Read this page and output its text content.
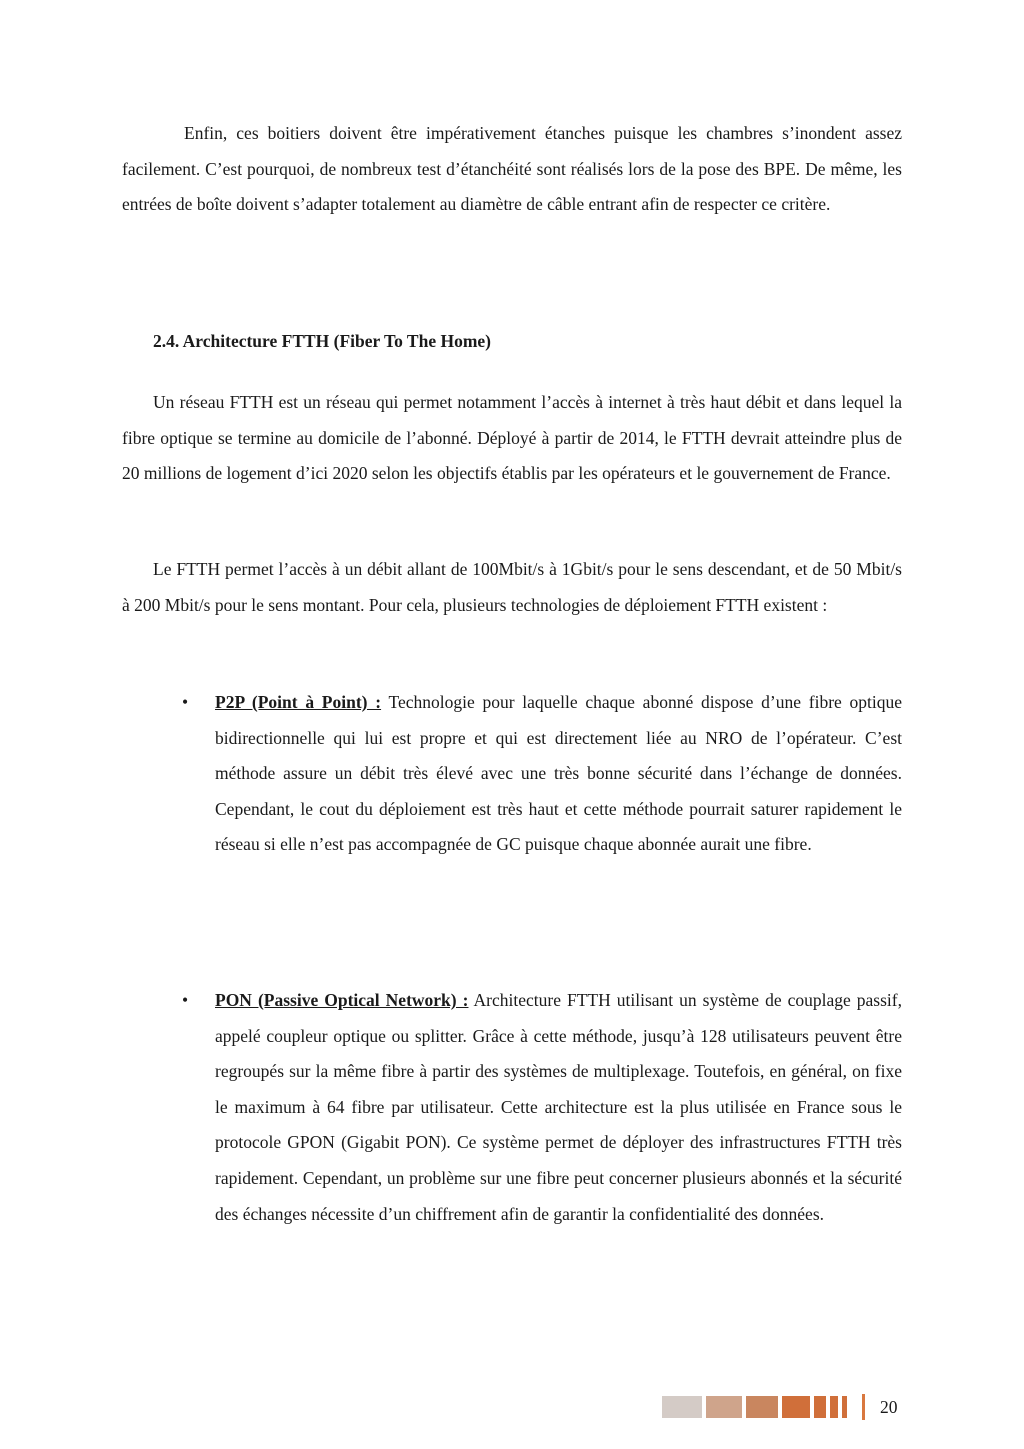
Enfin, ces boitiers doivent être impérativement étanches puisque les chambres s’inondent assez facilement. C’est pourquoi, de nombreux test d’étanchéité sont réalisés lors de la pose des BPE. De même, les entrées de boîte doivent s’adapter totalement au diamètre de câble entrant afin de respecter ce critère.

2.4. Architecture FTTH (Fiber To The Home)

Un réseau FTTH est un réseau qui permet notamment l’accès à internet à très haut débit et dans lequel la fibre optique se termine au domicile de l’abonné. Déployé à partir de 2014, le FTTH devrait atteindre plus de 20 millions de logement d’ici 2020 selon les objectifs établis par les opérateurs et le gouvernement de France.

Le FTTH permet l’accès à un débit allant de 100Mbit/s à 1Gbit/s pour le sens descendant, et de 50 Mbit/s à 200 Mbit/s pour le sens montant. Pour cela, plusieurs technologies de déploiement FTTH existent :

• P2P (Point à Point) : Technologie pour laquelle chaque abonné dispose d’une fibre optique bidirectionnelle qui lui est propre et qui est directement liée au NRO de l’opérateur. C’est méthode assure un débit très élevé avec une très bonne sécurité dans l’échange de données. Cependant, le cout du déploiement est très haut et cette méthode pourrait saturer rapidement le réseau si elle n’est pas accompagnée de GC puisque chaque abonnée aurait une fibre.

• PON (Passive Optical Network) : Architecture FTTH utilisant un système de couplage passif, appelé coupleur optique ou splitter. Grâce à cette méthode, jusqu’à 128 utilisateurs peuvent être regroupés sur la même fibre à partir des systèmes de multiplexage. Toutefois, en général, on fixe le maximum à 64 fibre par utilisateur. Cette architecture est la plus utilisée en France sous le protocole GPON (Gigabit PON). Ce système permet de déployer des infrastructures FTTH très rapidement. Cependant, un problème sur une fibre peut concerner plusieurs abonnés et la sécurité des échanges nécessite d’un chiffrement afin de garantir la confidentialité des données.

20
